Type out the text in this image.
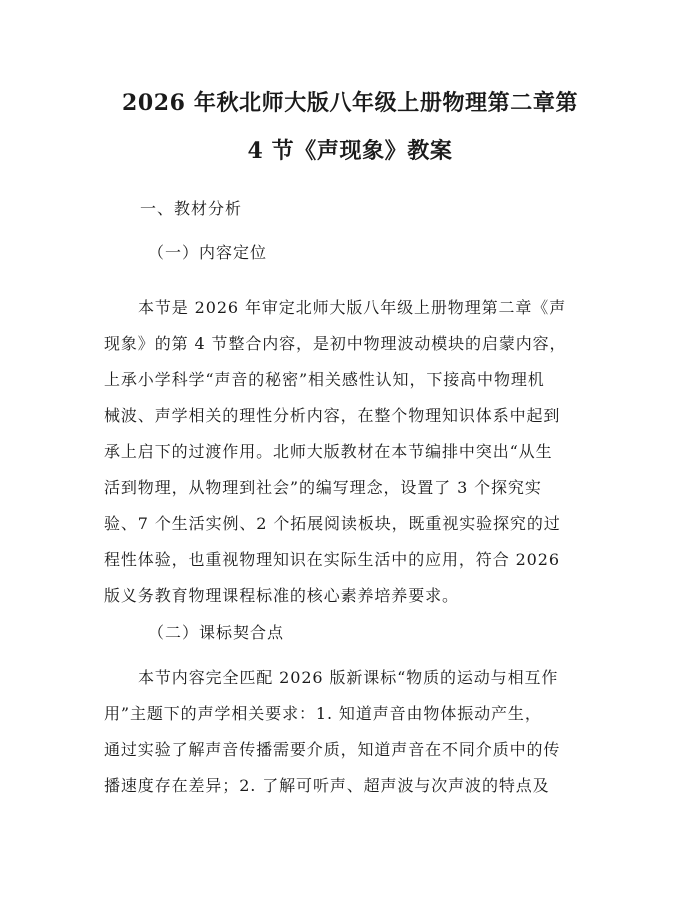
2026 年秋北师大版八年级上册物理第二章第
4 节《声现象》教案
一、教材分析
（一）内容定位
本节是 2026 年审定北师大版八年级上册物理第二章《声
现象》的第 4 节整合内容，是初中物理波动模块的启蒙内容，
上承小学科学“声音的秘密”相关感性认知，下接高中物理机
械波、声学相关的理性分析内容，在整个物理知识体系中起到
承上启下的过渡作用。北师大版教材在本节编排中突出“从生
活到物理，从物理到社会”的编写理念，设置了 3 个探究实
验、7 个生活实例、2 个拓展阅读板块，既重视实验探究的过
程性体验，也重视物理知识在实际生活中的应用，符合 2026
版义务教育物理课程标准的核心素养培养要求。
（二）课标契合点
本节内容完全匹配 2026 版新课标“物质的运动与相互作
用”主题下的声学相关要求：1. 知道声音由物体振动产生，
通过实验了解声音传播需要介质，知道声音在不同介质中的传
播速度存在差异；2. 了解可听声、超声波与次声波的特点及
